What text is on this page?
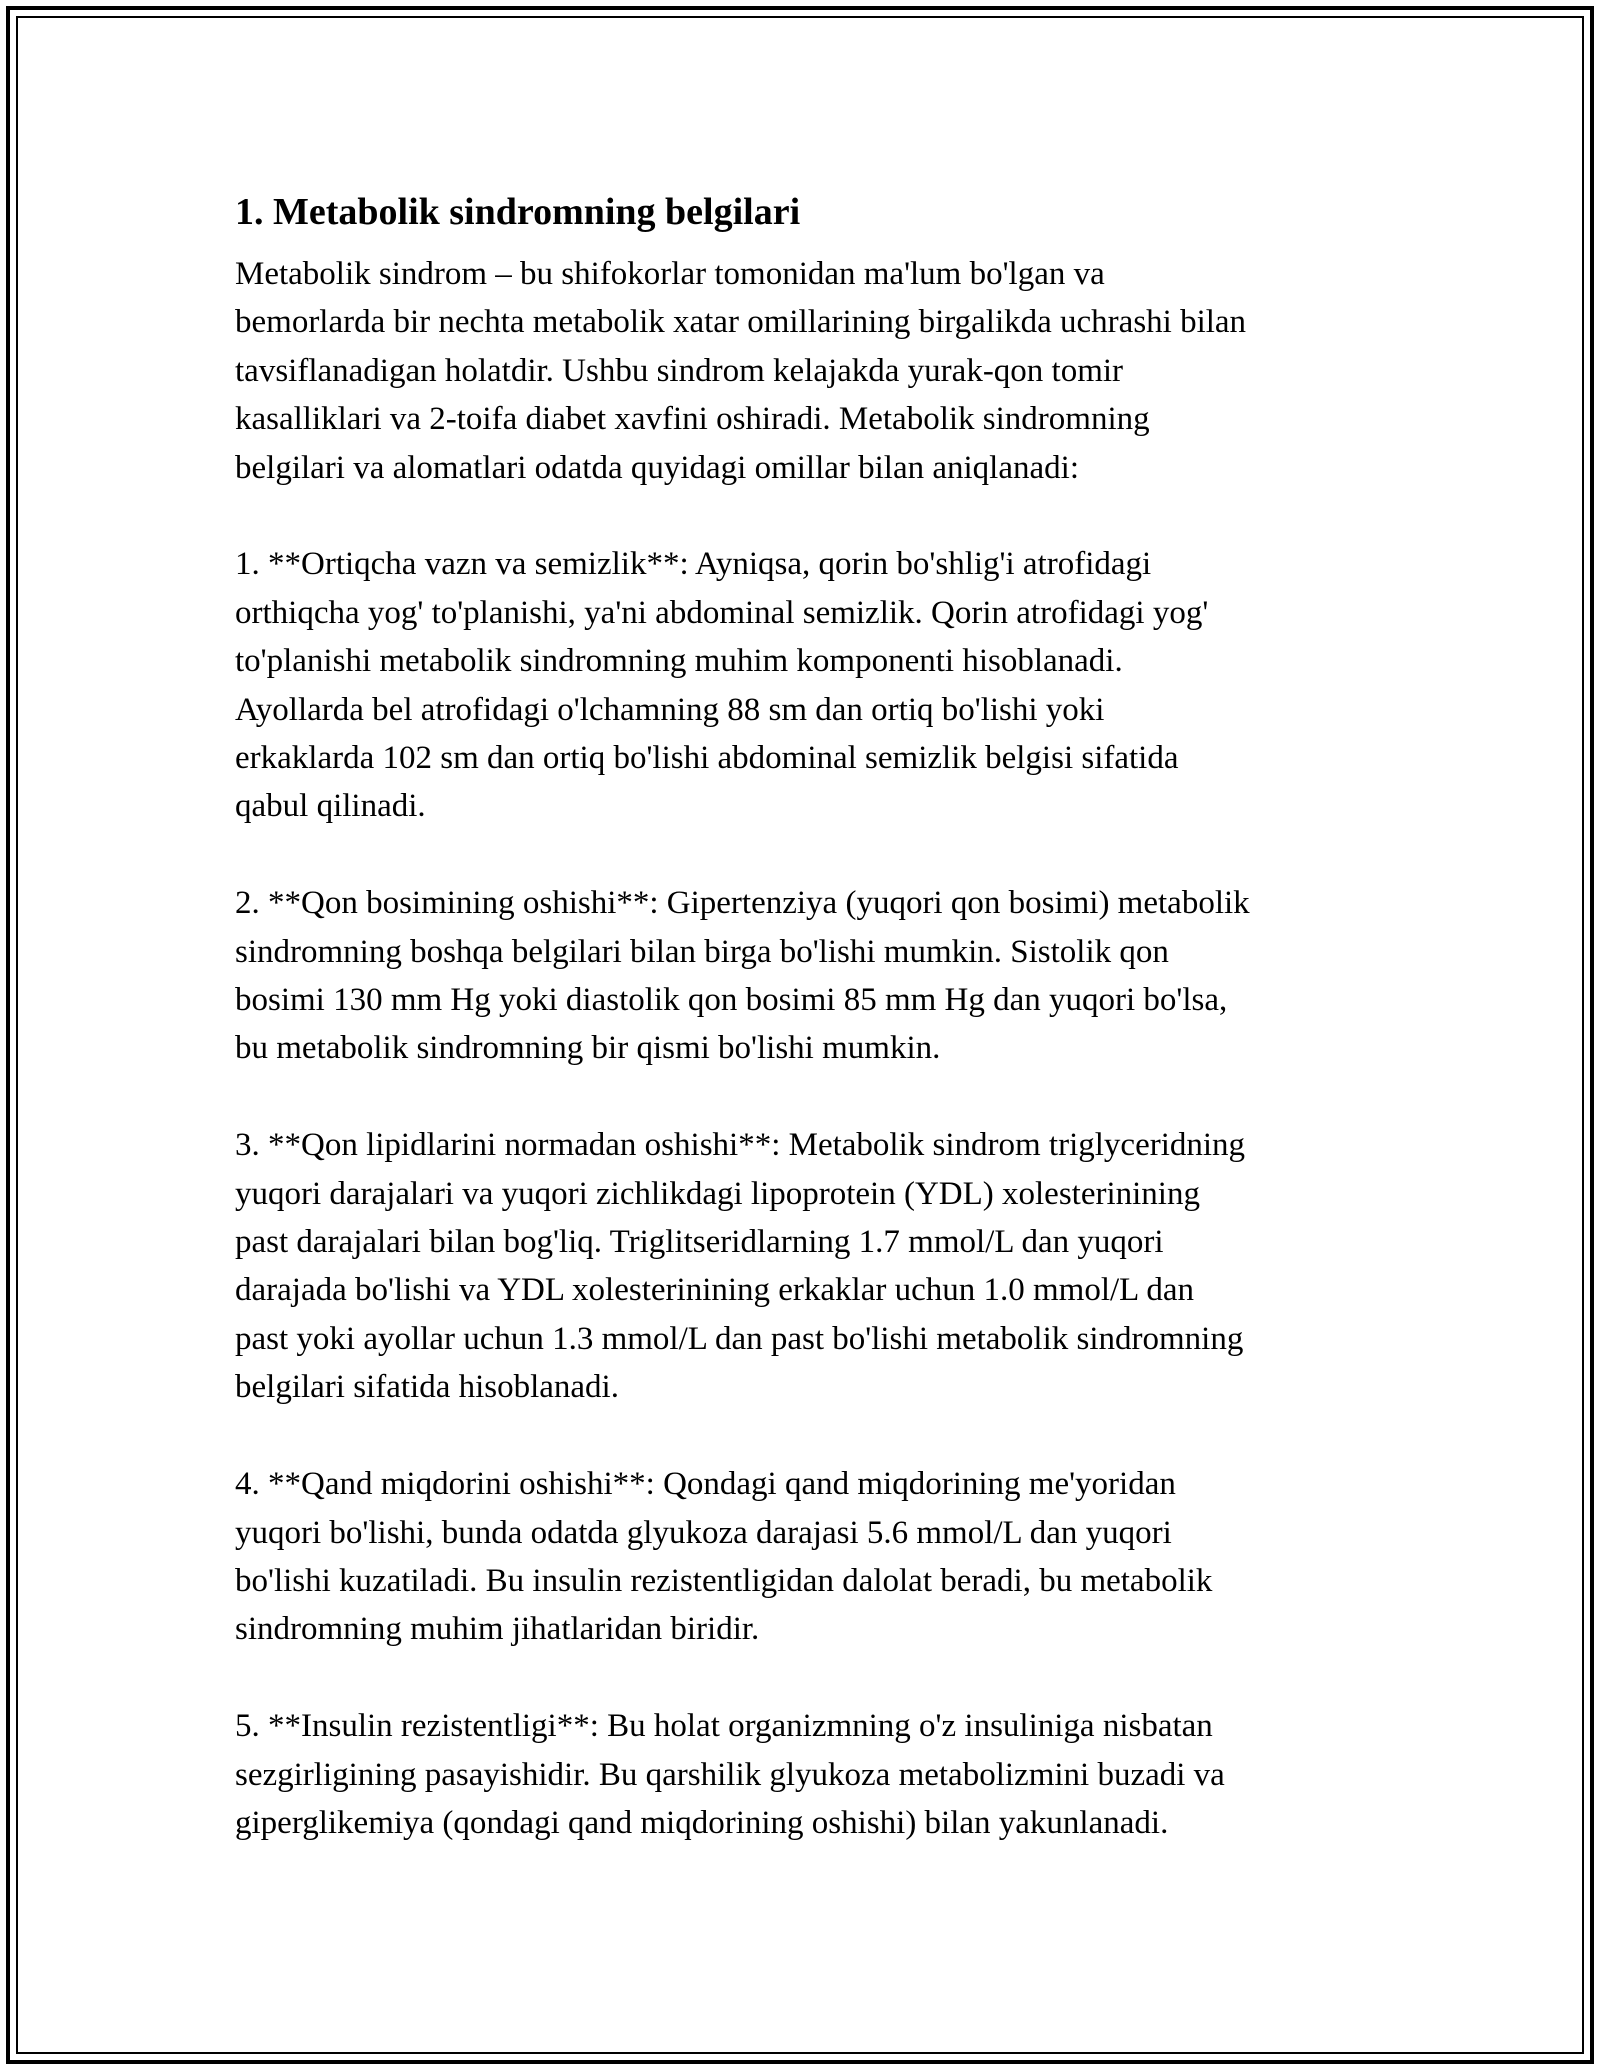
1. Metabolik sindromning belgilari

Metabolik sindrom – bu shifokorlar tomonidan ma'lum bo'lgan va
bemorlarda bir nechta metabolik xatar omillarining birgalikda uchrashi bilan
tavsiflanadigan holatdir. Ushbu sindrom kelajakda yurak-qon tomir
kasalliklari va 2-toifa diabet xavfini oshiradi. Metabolik sindromning
belgilari va alomatlari odatda quyidagi omillar bilan aniqlanadi:

1. **Ortiqcha vazn va semizlik**: Ayniqsa, qorin bo'shlig'i atrofidagi
orthiqcha yog' to'planishi, ya'ni abdominal semizlik. Qorin atrofidagi yog'
to'planishi metabolik sindromning muhim komponenti hisoblanadi.
Ayollarda bel atrofidagi o'lchamning 88 sm dan ortiq bo'lishi yoki
erkaklarda 102 sm dan ortiq bo'lishi abdominal semizlik belgisi sifatida
qabul qilinadi.

2. **Qon bosimining oshishi**: Gipertenziya (yuqori qon bosimi) metabolik
sindromning boshqa belgilari bilan birga bo'lishi mumkin. Sistolik qon
bosimi 130 mm Hg yoki diastolik qon bosimi 85 mm Hg dan yuqori bo'lsa,
bu metabolik sindromning bir qismi bo'lishi mumkin.

3. **Qon lipidlarini normadan oshishi**: Metabolik sindrom triglyceridning
yuqori darajalari va yuqori zichlikdagi lipoprotein (YDL) xolesterinining
past darajalari bilan bog'liq. Triglitseridlarning 1.7 mmol/L dan yuqori
darajada bo'lishi va YDL xolesterinining erkaklar uchun 1.0 mmol/L dan
past yoki ayollar uchun 1.3 mmol/L dan past bo'lishi metabolik sindromning
belgilari sifatida hisoblanadi.

4. **Qand miqdorini oshishi**: Qondagi qand miqdorining me'yoridan
yuqori bo'lishi, bunda odatda glyukoza darajasi 5.6 mmol/L dan yuqori
bo'lishi kuzatiladi. Bu insulin rezistentligidan dalolat beradi, bu metabolik
sindromning muhim jihatlaridan biridir.

5. **Insulin rezistentligi**: Bu holat organizmning o'z insuliniga nisbatan
sezgirligining pasayishidir. Bu qarshilik glyukoza metabolizmini buzadi va
giperglikemiya (qondagi qand miqdorining oshishi) bilan yakunlanadi.
